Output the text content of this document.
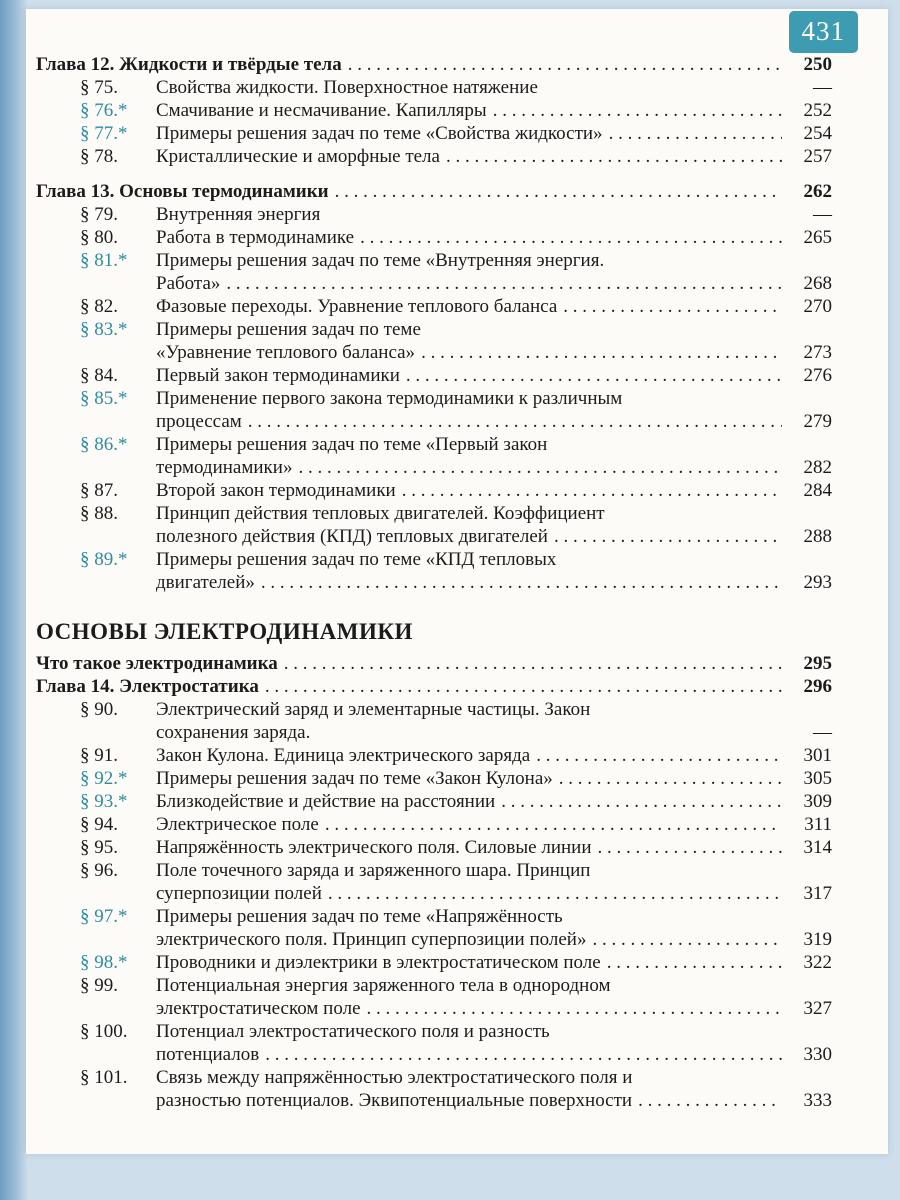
431
Глава 12. Жидкости и твёрдые тела . . .	250
§ 75.	Свойства жидкости. Поверхностное натяжение	—
§ 76.*	Смачивание и несмачивание. Капилляры . . .	252
§ 77.*	Примеры решения задач по теме «Свойства жидкости» . . .	254
§ 78.	Кристаллические и аморфные тела . . .	257
Глава 13. Основы термодинамики . . .	262
§ 79.	Внутренняя энергия	—
§ 80.	Работа в термодинамике . . .	265
§ 81.*	Примеры решения задач по теме «Внутренняя энергия.
Работа» . . .	268
§ 82.	Фазовые переходы. Уравнение теплового баланса . . .	270
§ 83.*	Примеры решения задач по теме
«Уравнение теплового баланса» . . .	273
§ 84.	Первый закон термодинамики . . .	276
§ 85.*	Применение первого закона термодинамики к различным
процессам . . .	279
§ 86.*	Примеры решения задач по теме «Первый закон
термодинамики» . . .	282
§ 87.	Второй закон термодинамики . . .	284
§ 88.	Принцип действия тепловых двигателей. Коэффициент
полезного действия (КПД) тепловых двигателей . . .	288
§ 89.*	Примеры решения задач по теме «КПД тепловых
двигателей» . . .	293
ОСНОВЫ ЭЛЕКТРОДИНАМИКИ
Что такое электродинамика . . .	295
Глава 14. Электростатика . . .	296
§ 90.	Электрический заряд и элементарные частицы. Закон
сохранения заряда.	—
§ 91.	Закон Кулона. Единица электрического заряда . . .	301
§ 92.*	Примеры решения задач по теме «Закон Кулона» . . .	305
§ 93.*	Близкодействие и действие на расстоянии . . .	309
§ 94.	Электрическое поле . . .	311
§ 95.	Напряжённость электрического поля. Силовые линии . . .	314
§ 96.	Поле точечного заряда и заряженного шара. Принцип
суперпозиции полей . . .	317
§ 97.*	Примеры решения задач по теме «Напряжённость
электрического поля. Принцип суперпозиции полей» . . .	319
§ 98.*	Проводники и диэлектрики в электростатическом поле . . .	322
§ 99.	Потенциальная энергия заряженного тела в однородном
электростатическом поле . . .	327
§ 100.	Потенциал электростатического поля и разность
потенциалов . . .	330
§ 101.	Связь между напряжённостью электростатического поля и
разностью потенциалов. Эквипотенциальные поверхности . . .	333
